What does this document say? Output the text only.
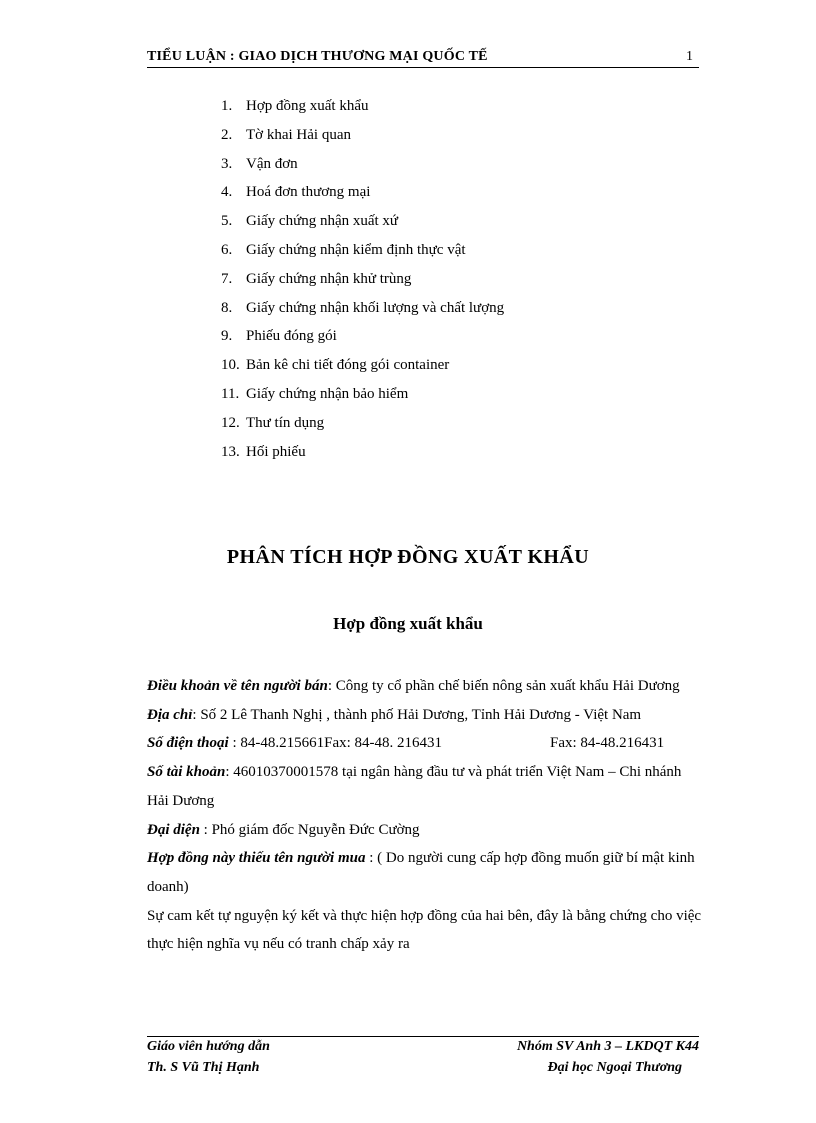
TIỂU LUẬN : GIAO DỊCH THƯƠNG MẠI QUỐC TẾ	1
1. Hợp đồng xuất khẩu
2. Tờ khai Hải quan
3. Vận đơn
4. Hoá đơn thương mại
5. Giấy chứng nhận xuất xứ
6. Giấy chứng nhận kiểm định thực vật
7. Giấy chứng nhận khử trùng
8. Giấy chứng nhận khối lượng và chất lượng
9. Phiếu đóng gói
10. Bản kê chi tiết đóng gói container
11. Giấy chứng nhận bảo hiểm
12. Thư tín dụng
13. Hối phiếu
PHÂN TÍCH HỢP ĐỒNG XUẤT KHẨU
Hợp đồng xuất khẩu

Điều khoản về tên người bán: Công ty cổ phần chế biến nông sản xuất khẩu Hải Dương

Địa chỉ: Số 2 Lê Thanh Nghị , thành phố Hải Dương, Tỉnh Hải Dương - Việt Nam

Số điện thoại : 84-48.215661Fax: 84-48. 216431	Fax: 84-48.216431

Số tài khoản: 46010370001578 tại ngân hàng đầu tư và phát triển Việt Nam – Chi nhánh Hải Dương

Đại diện : Phó giám đốc Nguyễn Đức Cường

Hợp đồng này thiếu tên người mua : ( Do người cung cấp hợp đồng muốn giữ bí mật kinh doanh)

Sự cam kết tự nguyện ký kết và thực hiện hợp đồng của hai bên, đây là bằng chứng cho việc thực hiện nghĩa vụ nếu có tranh chấp xảy ra

Giáo viên hướng dẫn	Nhóm SV Anh 3 – LKDQT K44
Th. S Vũ Thị Hạnh	Đại học Ngoại Thương
